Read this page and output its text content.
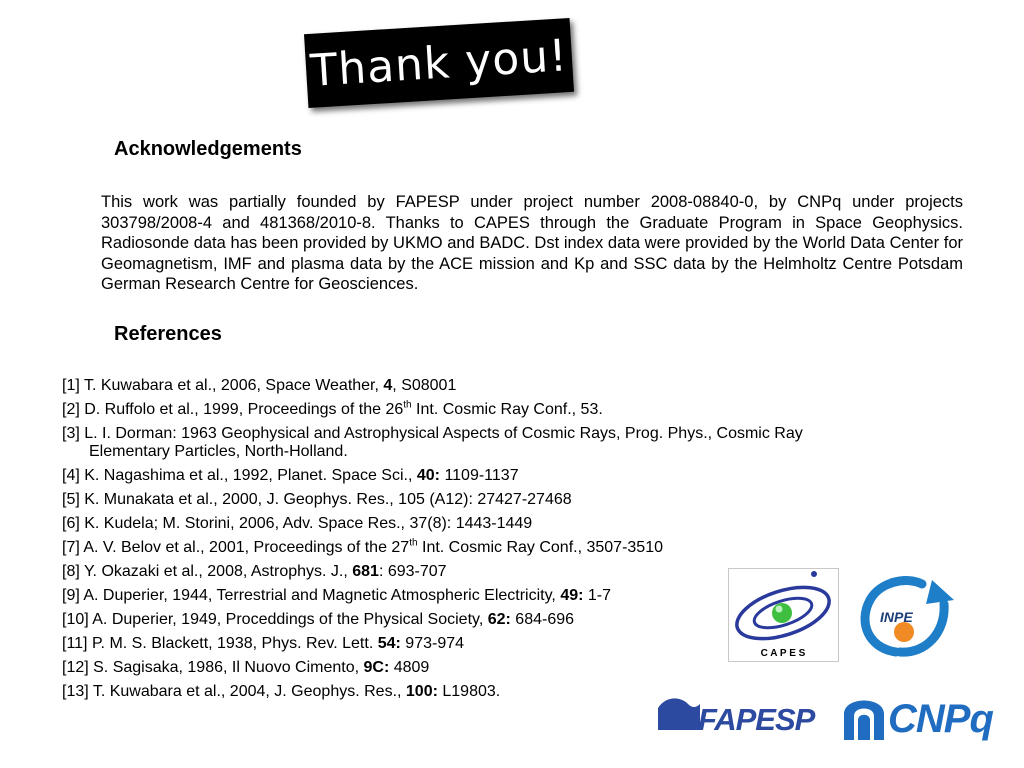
Thank you!
Acknowledgements
This work was partially founded by FAPESP under project number 2008-08840-0, by CNPq under projects 303798/2008-4 and 481368/2010-8. Thanks to CAPES through the Graduate Program in Space Geophysics. Radiosonde data has been provided by UKMO and BADC. Dst index data were provided by the World Data Center for Geomagnetism, IMF and plasma data by the ACE mission and Kp and SSC data by the Helmholtz Centre Potsdam German Research Centre for Geosciences.
References
[1] T. Kuwabara et al., 2006, Space Weather, 4, S08001
[2] D. Ruffolo et al., 1999, Proceedings of the 26th Int. Cosmic Ray Conf., 53.
[3] L. I. Dorman: 1963 Geophysical and Astrophysical Aspects of Cosmic Rays, Prog. Phys., Cosmic Ray
Elementary Particles, North-Holland.
[4] K. Nagashima et al., 1992, Planet. Space Sci., 40: 1109-1137
[5] K. Munakata et al., 2000, J. Geophys. Res., 105 (A12): 27427-27468
[6] K. Kudela; M. Storini, 2006, Adv. Space Res., 37(8): 1443-1449
[7] A. V. Belov et al., 2001, Proceedings of the 27th Int. Cosmic Ray Conf., 3507-3510
[8] Y. Okazaki et al., 2008, Astrophys. J., 681: 693-707
[9] A. Duperier, 1944, Terrestrial and Magnetic Atmospheric Electricity, 49: 1-7
[10] A. Duperier, 1949, Proceddings of the Physical Society, 62: 684-696
[11] P. M. S. Blackett, 1938, Phys. Rev. Lett. 54: 973-974
[12] S. Sagisaka, 1986, Il Nuovo Cimento, 9C: 4809
[13] T. Kuwabara et al., 2004, J. Geophys. Res., 100: L19803.
C A P E S
INPE
FAPESP CNPq
